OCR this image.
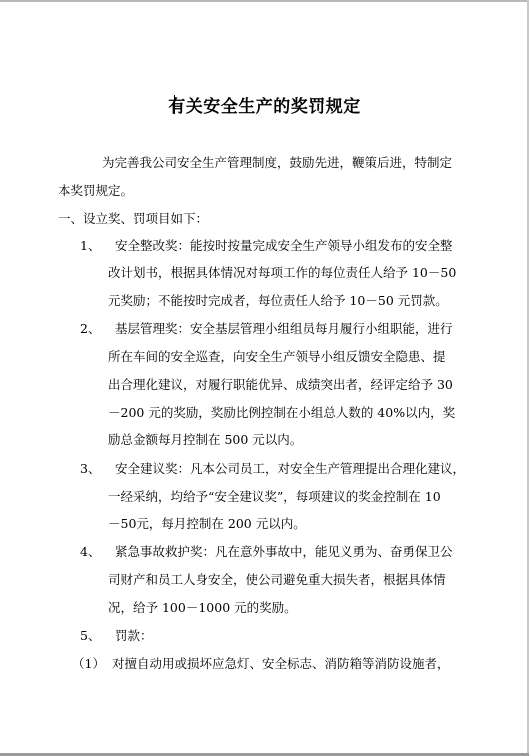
有关安全生产的奖罚规定
为完善我公司安全生产管理制度，鼓励先进，鞭策后进，特制定
本奖罚规定。
一、设立奖、罚项目如下：
1、 安全整改奖：能按时按量完成安全生产领导小组发布的安全整
改计划书，根据具体情况对每项工作的每位责任人给予 10－50
元奖励；不能按时完成者，每位责任人给予 10－50 元罚款。
2、 基层管理奖：安全基层管理小组组员每月履行小组职能，进行
所在车间的安全巡查，向安全生产领导小组反馈安全隐患、提
出合理化建议，对履行职能优异、成绩突出者，经评定给予 30
－200 元的奖励，奖励比例控制在小组总人数的 40%以内，奖
励总金额每月控制在 500 元以内。
3、 安全建议奖：凡本公司员工，对安全生产管理提出合理化建议，
一经采纳，均给予“安全建议奖”，每项建议的奖金控制在 10
－50元，每月控制在 200 元以内。
4、 紧急事故救护奖：凡在意外事故中，能见义勇为、奋勇保卫公
司财产和员工人身安全，使公司避免重大损失者，根据具体情
况，给予 100－1000 元的奖励。
5、 罚款：
（1） 对擅自动用或损坏应急灯、安全标志、消防箱等消防设施者，
